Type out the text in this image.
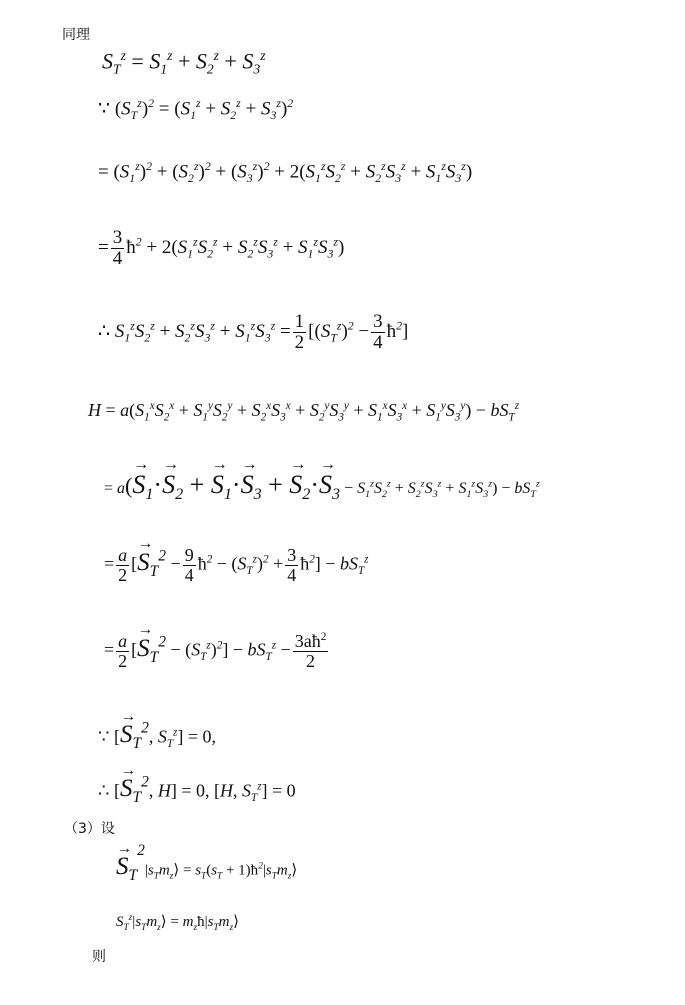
同理
$S_T^z = S_1^z + S_2^z + S_3^z$
∵ $(S_T^z)^2 = (S_1^z + S_2^z + S_3^z)^2$
= $(S_1^z)^2 + (S_2^z)^2 + (S_3^z)^2 + 2(S_1^zS_2^z + S_2^zS_3^z + S_1^zS_3^z)$
= $\frac{3}{4}$ $ħ^2 + 2(S_1^zS_2^z + S_2^zS_3^z + S_1^zS_3^z)$
∴ $S_1^zS_2^z + S_2^zS_3^z + S_1^zS_3^z = \frac{1}{2} [(S_T^z)^2 - \frac{3}{4}$ $ħ^2$]
$H = a(S_1^xS_2^x + S_1^yS_2^y + S_2^xS_3^x + S_2^yS_3^y + S_1^xS_3^x + S_1^yS_3^y) - bS_T^z$
= $a(\to S_1\cdot\to S_2$ + → $S_1\cdot\to S_3$ + → $S_2\cdot\to S_3 - S_1^zS_2^z + S_2^zS_3^z + S_1^zS_3^z) - bS_T^z$
= $\frac{a}{2}$ [→ $S_T^2 - \frac{9}{4}$ $ħ^2 - (S_T^z)^2 + \frac{3}{4}$ $ħ^2] - bS_T^z$
= $\frac{a}{2}$ [→ $S_T^2 - (S_T^z)^2] - bS_T^z - \frac{3aħ^2}{2}$
∵ [→ $S_T^2$, $S_T^z] = 0$,
∴ [→ $S_T^2$, H] = 0, [H, $S_T^z] = 0$
（3）设
→ $S_T^2|s_Tm_z⟩ = s_T(s_T$ + $1)ħ^2|s_Tm_z⟩$
$S_T^z|s_Tm_z⟩$ = $m_zħ|s_Tm_z⟩$
则
